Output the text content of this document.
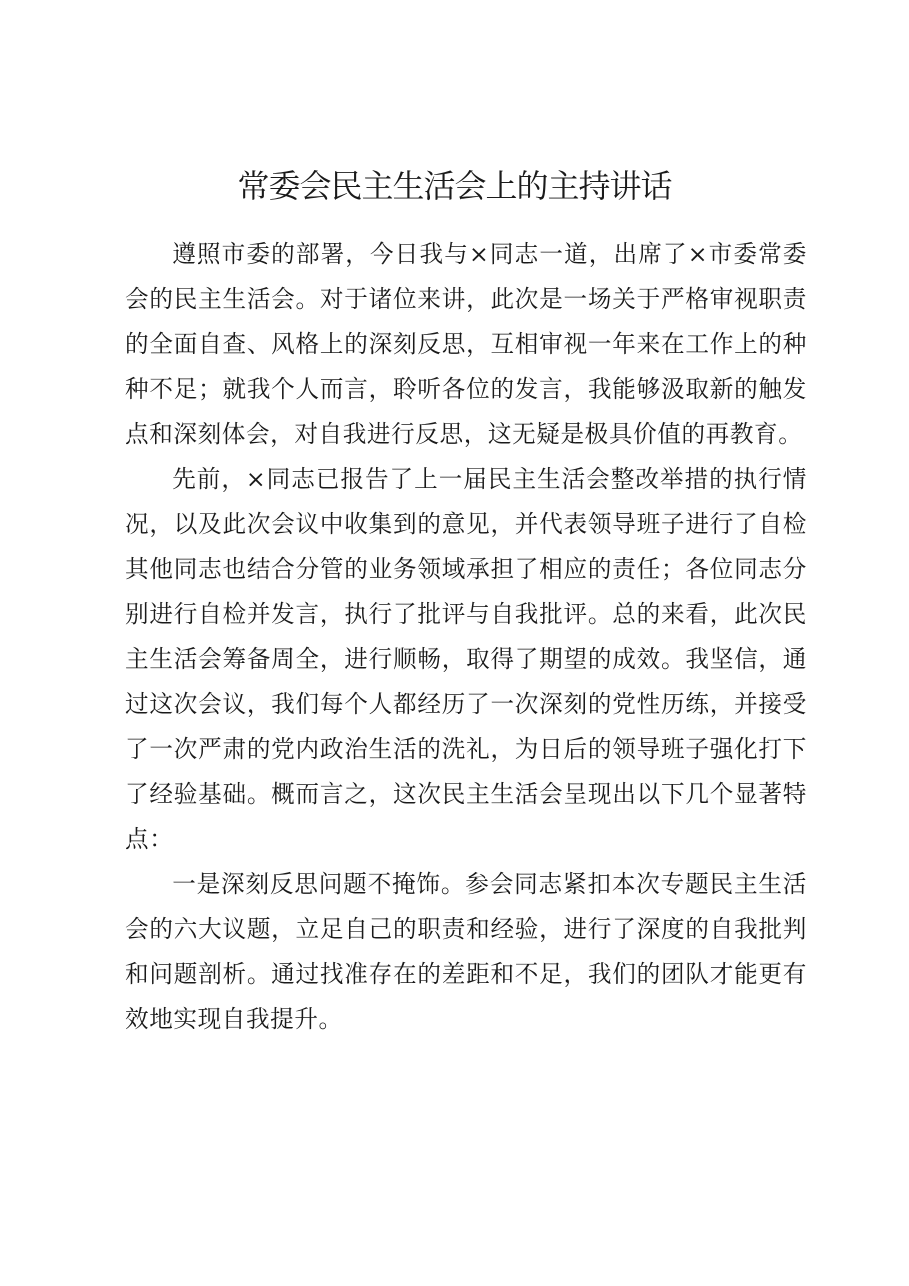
常委会民主生活会上的主持讲话

遵照市委的部署，今日我与×同志一道，出席了×市委常委会的民主生活会。对于诸位来讲，此次是一场关于严格审视职责的全面自查、风格上的深刻反思，互相审视一年来在工作上的种种不足；就我个人而言，聆听各位的发言，我能够汲取新的触发点和深刻体会，对自我进行反思，这无疑是极具价值的再教育。

先前，×同志已报告了上一届民主生活会整改举措的执行情况，以及此次会议中收集到的意见，并代表领导班子进行了自检其他同志也结合分管的业务领域承担了相应的责任；各位同志分别进行自检并发言，执行了批评与自我批评。总的来看，此次民主生活会筹备周全，进行顺畅，取得了期望的成效。我坚信，通过这次会议，我们每个人都经历了一次深刻的党性历练，并接受了一次严肃的党内政治生活的洗礼，为日后的领导班子强化打下了经验基础。概而言之，这次民主生活会呈现出以下几个显著特点：

一是深刻反思问题不掩饰。参会同志紧扣本次专题民主生活会的六大议题，立足自己的职责和经验，进行了深度的自我批判和问题剖析。通过找准存在的差距和不足，我们的团队才能更有效地实现自我提升。
